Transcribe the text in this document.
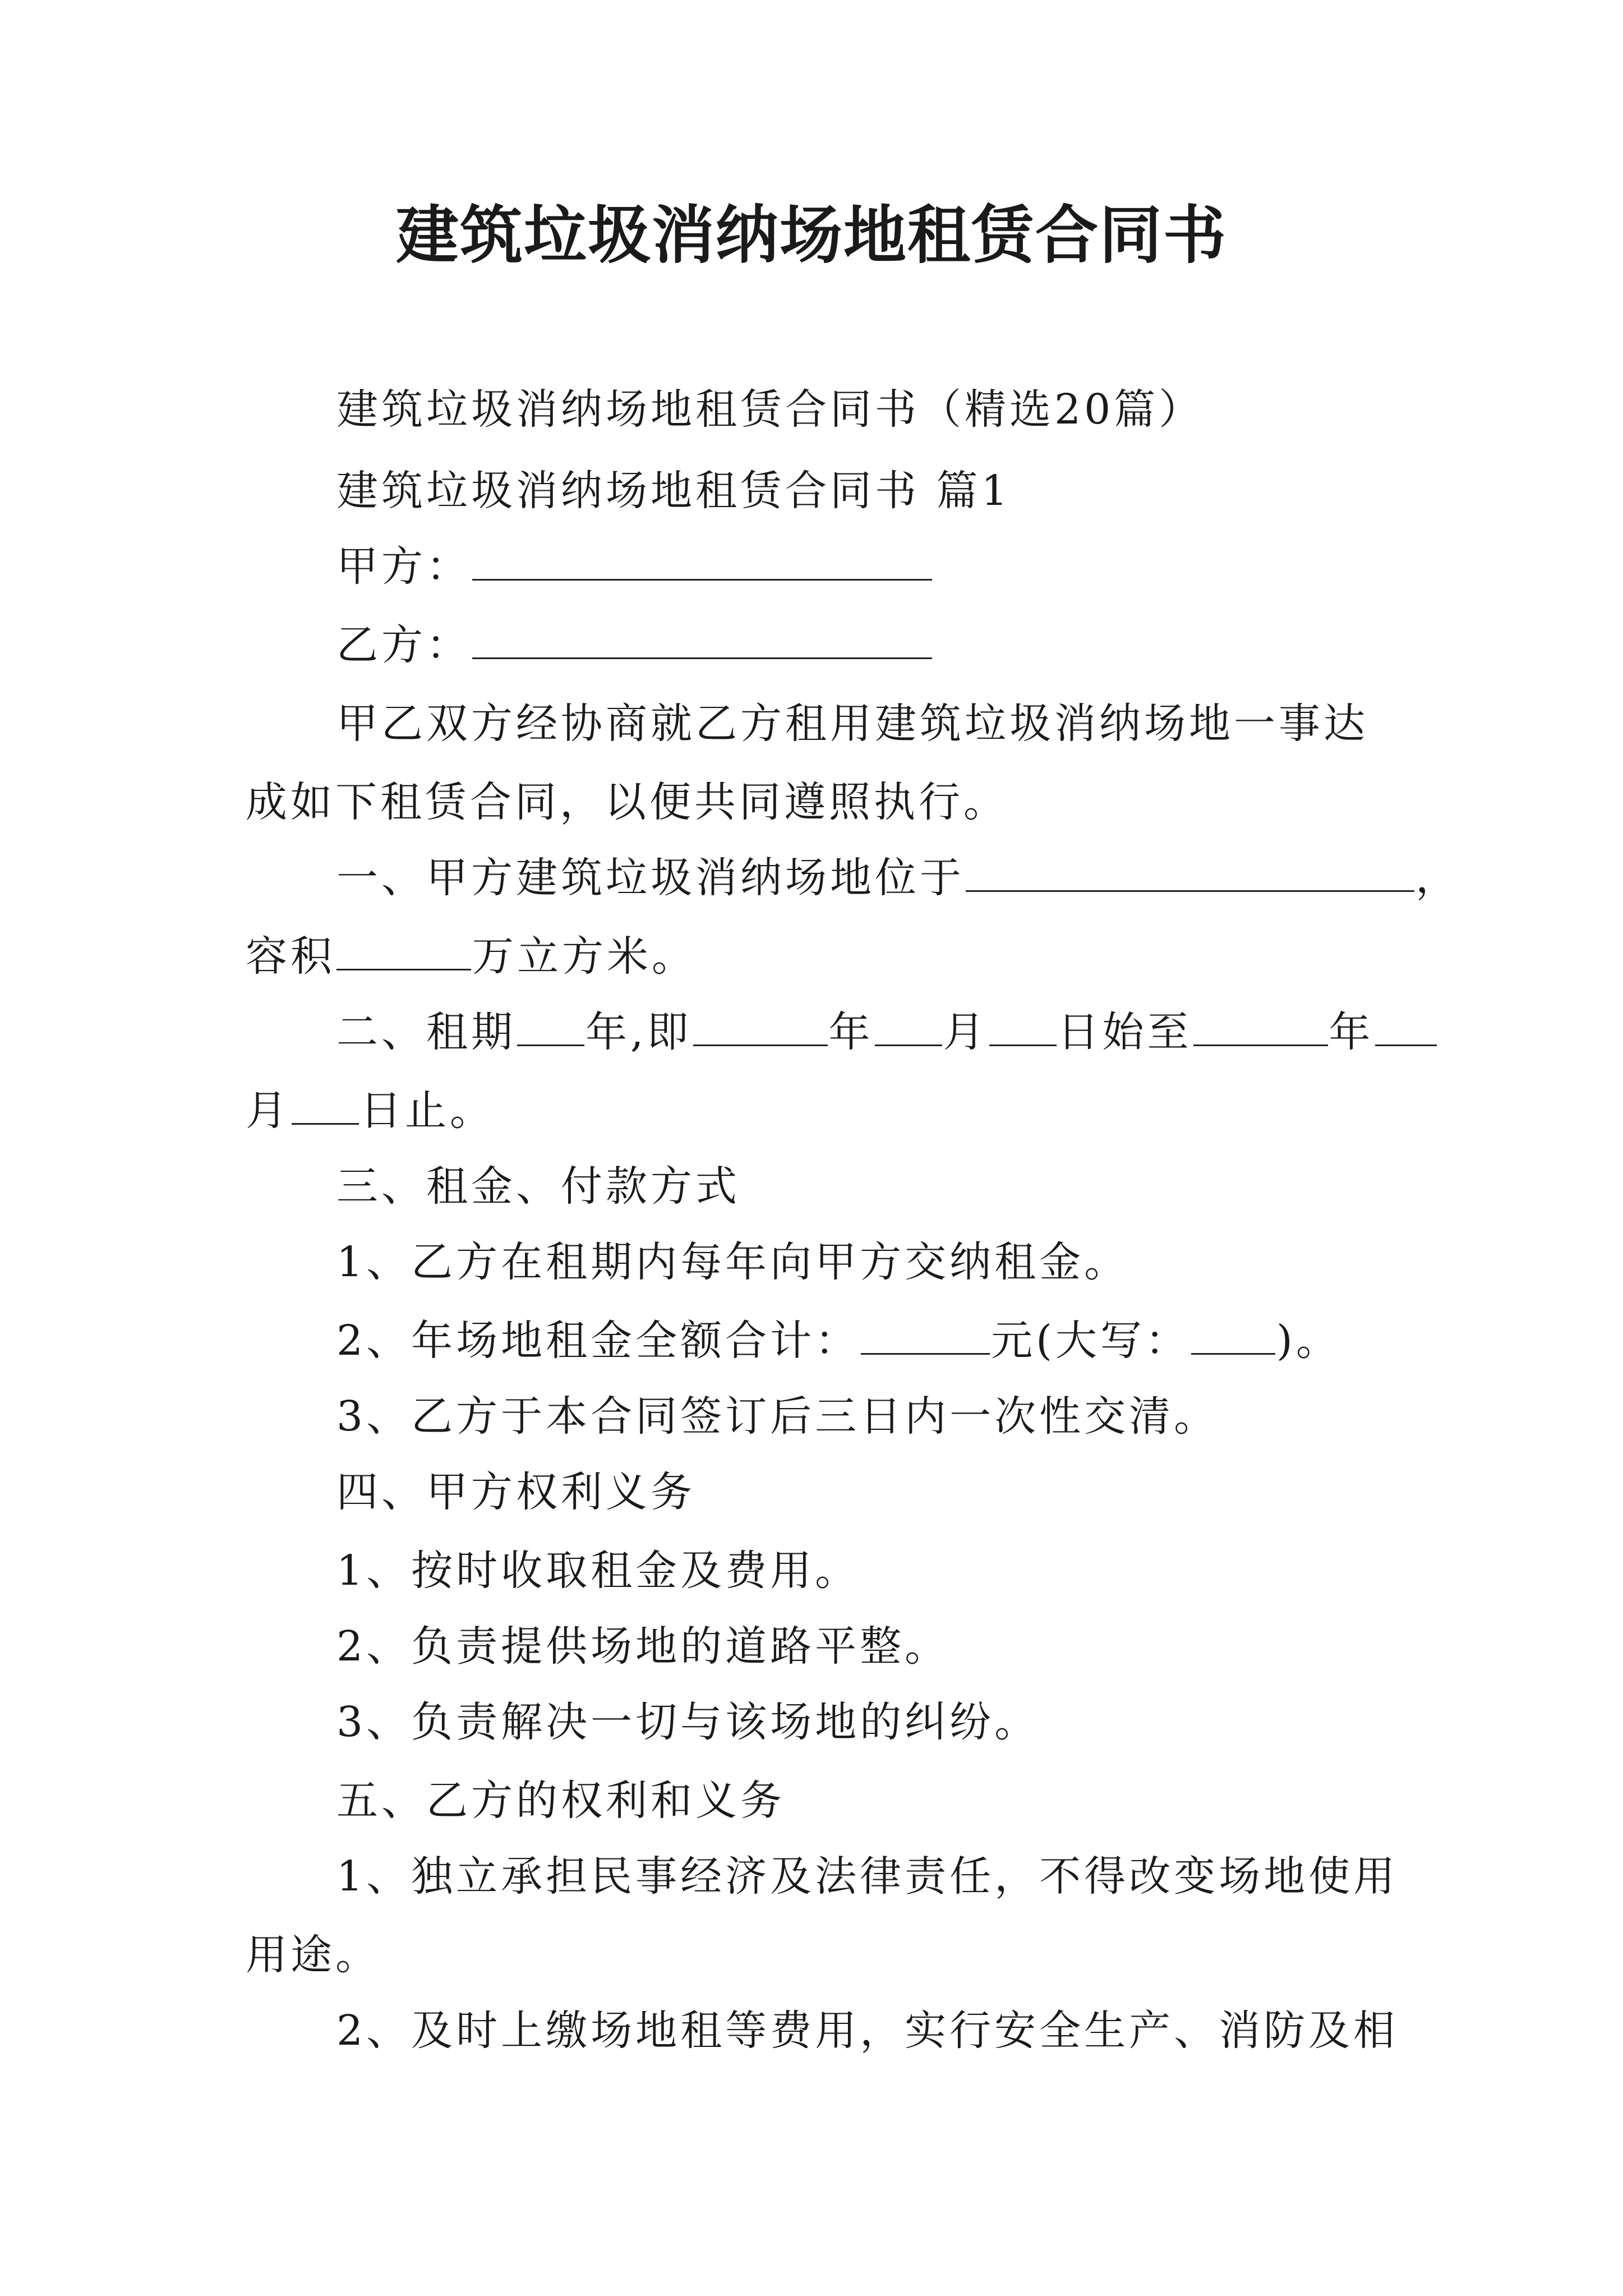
建筑垃圾消纳场地租赁合同书
建筑垃圾消纳场地租赁合同书（精选20篇）
建筑垃圾消纳场地租赁合同书 篇1
甲方：
乙方：
甲乙双方经协商就乙方租用建筑垃圾消纳场地一事达
成如下租赁合同，以便共同遵照执行。
一、甲方建筑垃圾消纳场地位于	，
容积	万立方米。
二、租期 年,即	年 月 日始至	年
月 日止。
三、租金、付款方式
1、乙方在租期内每年向甲方交纳租金。
2、年场地租金全额合计：	元(大写： )。
3、乙方于本合同签订后三日内一次性交清。
四、甲方权利义务
1、按时收取租金及费用。
2、负责提供场地的道路平整。
3、负责解决一切与该场地的纠纷。
五、乙方的权利和义务
1、独立承担民事经济及法律责任，不得改变场地使用
用途。
2、及时上缴场地租等费用，实行安全生产、消防及相
